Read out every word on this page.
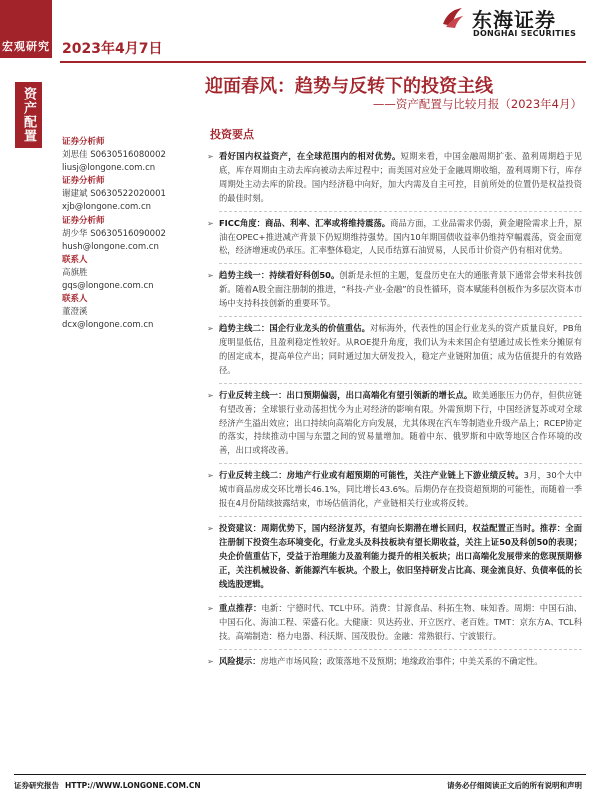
宏观研究 2023年4月7日
东海证券
DONGHAI SECURITIES
资产配置
迎面春风：趋势与反转下的投资主线
——资产配置与比较月报（2023年4月）
证券分析师
刘思佳 S0630516080002
liusj@longone.com.cn
证券分析师
谢建斌 S0630522020001
xjb@longone.com.cn
证券分析师
胡少华 S0630516090002
hush@longone.com.cn
联系人
高旗胜
gqs@longone.com.cn
联系人
董澄溪
dcx@longone.com.cn
投资要点
➢ 看好国内权益资产，在全球范围内的相对优势。短期来看，中国金融周期扩张、盈利周期趋于见底，库存周期由主动去库向被动去库过程中；而美国对应处于金融周期收缩，盈利周期下行，库存周期处主动去库的阶段。国内经济稳中向好，加大内需及自主可控，目前所处的位置仍是权益投资的最佳时刻。
➢ FICC角度：商品、利率、汇率或将维持震荡。商品方面，工业品需求仍弱，黄金避险需求上升，原油在OPEC+推进减产背景下仍短期维持强势。国内10年期国债收益率仍维持窄幅震荡，资金面宽松，经济增速或仍承压。汇率整体稳定，人民币结算石油贸易，人民币计价资产仍有相对优势。
➢ 趋势主线一：持续看好科创50。创新是永恒的主题，复盘历史在大的通胀背景下通常会带来科技创新。随着A股全面注册制的推进，“科技-产业-金融”的良性循环，资本赋能科创板作为多层次资本市场中支持科技创新的重要环节。
➢ 趋势主线二：国企行业龙头的价值重估。对标海外，代表性的国企行业龙头的资产质量良好，PB角度明显低估，且盈利稳定性较好。从ROE提升角度，我们认为未来国企有望通过成长性来分摊原有的固定成本，提高单位产出；同时通过加大研发投入，稳定产业链附加值；成为估值提升的有效路径。
➢ 行业反转主线一：出口预期偏弱，出口高端化有望引领新的增长点。欧美通胀压力仍存，但供应链有望改善；全球银行业动荡担忧今为止对经济的影响有限。外需预期下行，中国经济复苏或对全球经济产生溢出效应；出口持续向高端化方向发展，尤其体现在汽车等制造业升级产品上；RCEP协定的落实，持续推动中国与东盟之间的贸易量增加。随着中东、俄罗斯和中欧等地区合作环境的改善，出口或将改善。
➢ 行业反转主线二：房地产行业或有超预期的可能性，关注产业链上下游业绩反转。3月，30个大中城市商品房成交环比增长46.1%，同比增长43.6%。后期仍存在投资超预期的可能性，而随着一季报在4月份陆续披露结束，市场估值消化，产业链相关行业或将反转。
➢ 投资建议：周期优势下，国内经济复苏，有望向长期潜在增长回归，权益配置正当时。推荐：全面注册制下投资生态环境变化，行业龙头及科技板块有望长期收益，关注上证50及科创50的表现；央企价值重估下，受益于治理能力及盈利能力提升的相关板块；出口高端化发展带来的您现预期修正，关注机械设备、新能源汽车板块。个股上，依旧坚持研发占比高、现金流良好、负债率低的长线选股逻辑。
➢ 重点推荐：电新：宁德时代、TCL中环。消费：甘源食品、科拓生物、味知香。周期：中国石油、中国石化、海油工程、荣盛石化。大健康：贝达药业、开立医疗、老百姓。TMT：京东方A、TCL科技。高端制造：格力电器、科沃斯、国茂股份。金融：常熟银行、宁波银行。
➢ 风险提示：房地产市场风险；政策落地不及预期；地缘政治事件；中美关系的不确定性。
证券研究报告 HTTP://WWW.LONGONE.COM.CN	请务必仔细阅读正文后的所有说明和声明
